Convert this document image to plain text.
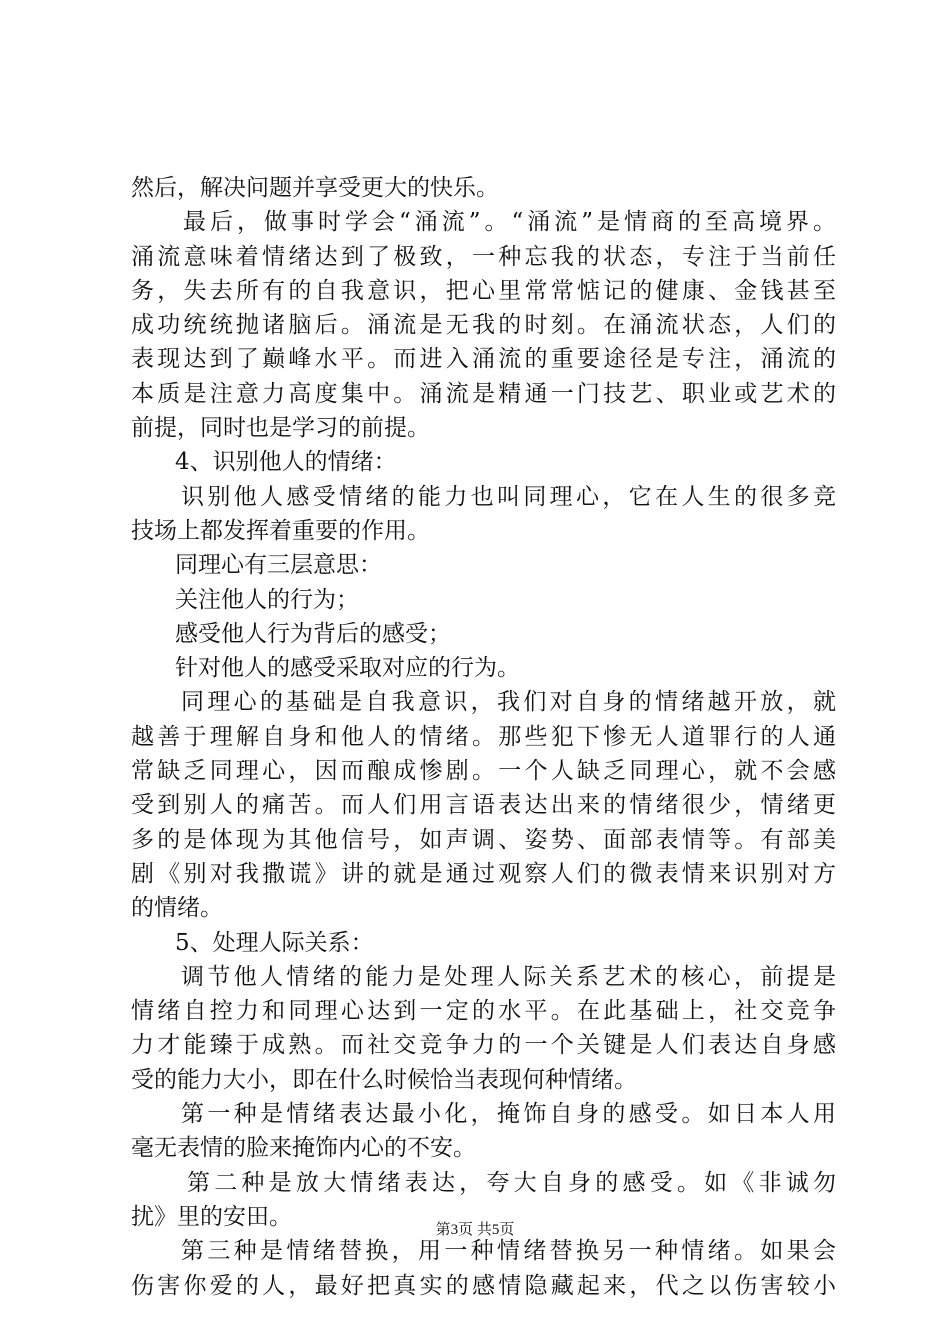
然后，解决问题并享受更大的快乐。
最后，做事时学会“涌流”。“涌流”是情商的至高境界。
涌流意味着情绪达到了极致，一种忘我的状态，专注于当前任
务，失去所有的自我意识，把心里常常惦记的健康、金钱甚至
成功统统抛诸脑后。涌流是无我的时刻。在涌流状态，人们的
表现达到了巅峰水平。而进入涌流的重要途径是专注，涌流的
本质是注意力高度集中。涌流是精通一门技艺、职业或艺术的
前提，同时也是学习的前提。
4、识别他人的情绪：
识别他人感受情绪的能力也叫同理心，它在人生的很多竞
技场上都发挥着重要的作用。
同理心有三层意思：
关注他人的行为；
感受他人行为背后的感受；
针对他人的感受采取对应的行为。
同理心的基础是自我意识，我们对自身的情绪越开放，就
越善于理解自身和他人的情绪。那些犯下惨无人道罪行的人通
常缺乏同理心，因而酿成惨剧。一个人缺乏同理心，就不会感
受到别人的痛苦。而人们用言语表达出来的情绪很少，情绪更
多的是体现为其他信号，如声调、姿势、面部表情等。有部美
剧《别对我撒谎》讲的就是通过观察人们的微表情来识别对方
的情绪。
5、处理人际关系：
调节他人情绪的能力是处理人际关系艺术的核心，前提是
情绪自控力和同理心达到一定的水平。在此基础上，社交竞争
力才能臻于成熟。而社交竞争力的一个关键是人们表达自身感
受的能力大小，即在什么时候恰当表现何种情绪。
第一种是情绪表达最小化，掩饰自身的感受。如日本人用
毫无表情的脸来掩饰内心的不安。
第二种是放大情绪表达，夸大自身的感受。如《非诚勿
扰》里的安田。
第三种是情绪替换，用一种情绪替换另一种情绪。如果会
伤害你爱的人，最好把真实的感情隐藏起来，代之以伤害较小
第3页 共5页
